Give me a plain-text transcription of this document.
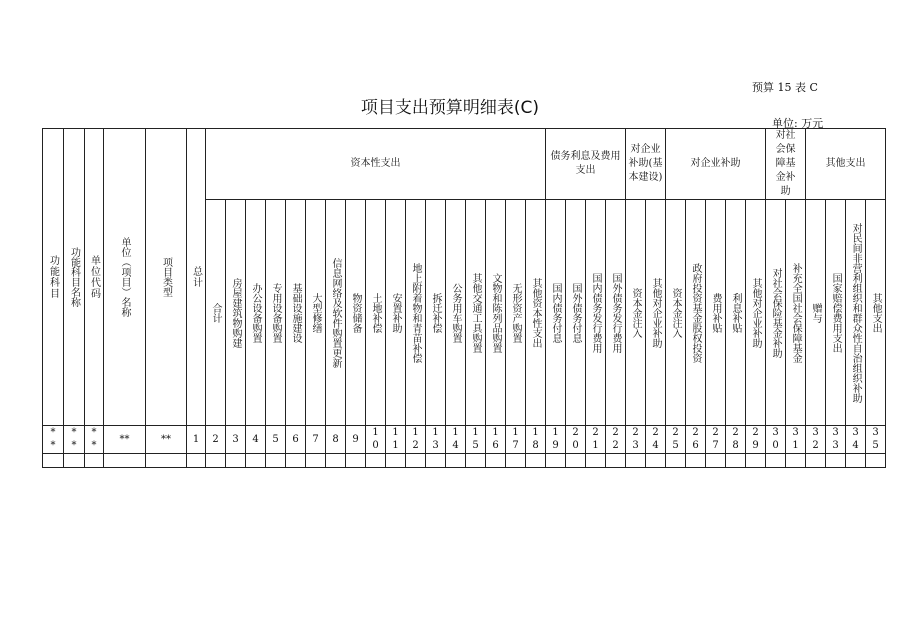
预算 15 表 C
项目支出预算明细表(C)
单位: 万元
功能科目	功能科目名称	单位代码	单位（项目）名称	项目类型	总计	资本性支出																	债务利息及费用支出				对企业补助(基本建设)		对企业补助					对社会保障基金补助		其他支出			

						合计	房屋建筑物购建	办公设备购置	专用设备购置	基础设施建设	大型修缮	信息网络及软件购置更新	物资储备	土地补偿	安置补助	地上附着物和青苗补偿	拆迁补偿	公务用车购置	其他交通工具购置	文物和陈列品购置	无形资产购置	其他资本性支出	国内债务付息	国外债务付息	国内债务发行费用	国外债务发行费用	资本金注入	其他对企业补助	资本金注入	政府投资基金股权投资	费用补贴	利息补贴	其他对企业补助	对社会保险基金补助	补充全国社会保障基金	赠与	国家赔偿费用支出	对民间非营利组织和群众性自治组织补助	其他支出

**	**	**	**	**	1	2	3	4	5	6	7	8	9	10	11	12	13	14	15	16	17	18	19	20	21	22	23	24	25	26	27	28	29	30	31	32	33	34	35
